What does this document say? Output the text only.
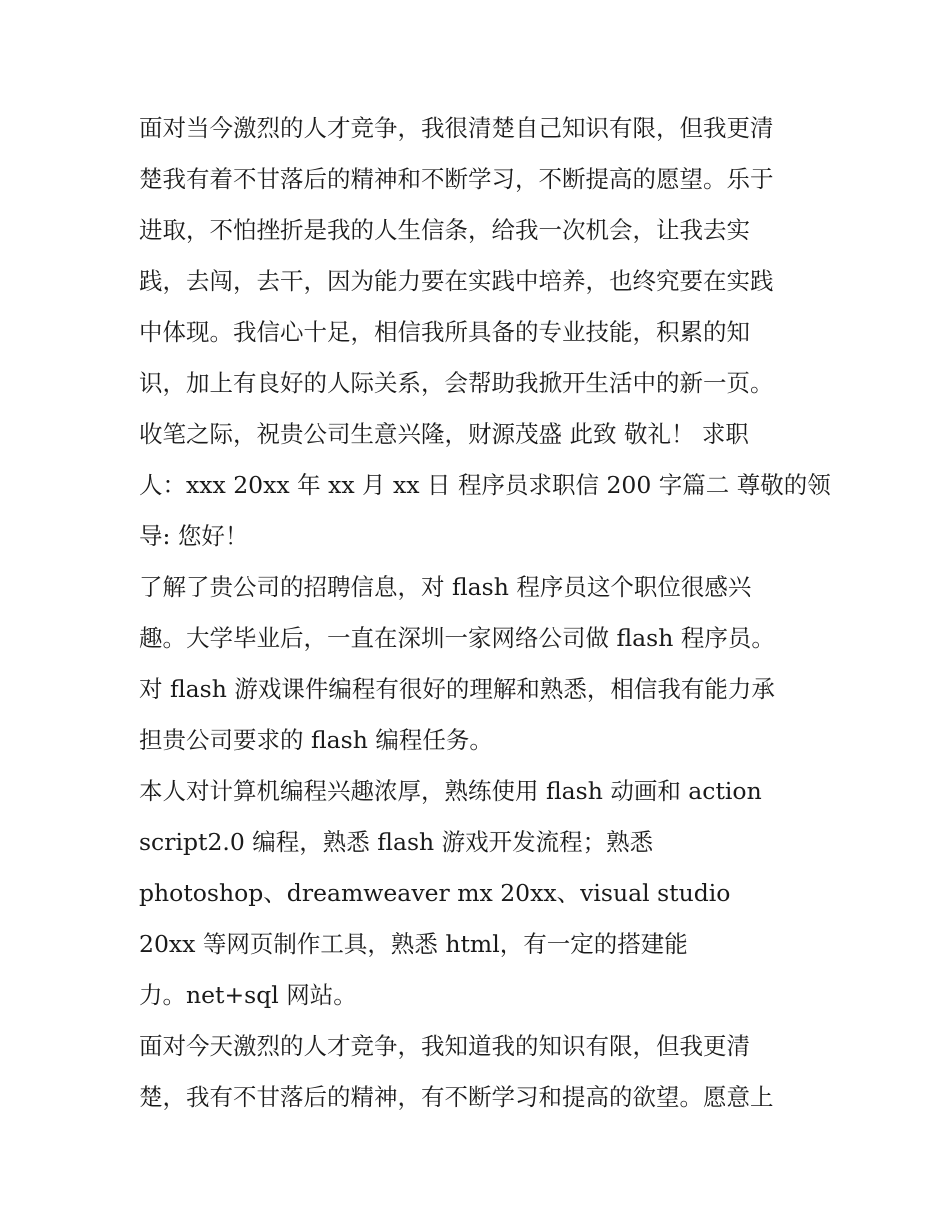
面对当今激烈的人才竞争，我很清楚自己知识有限，但我更清
楚我有着不甘落后的精神和不断学习，不断提高的愿望。乐于
进取，不怕挫折是我的人生信条，给我一次机会，让我去实
践，去闯，去干，因为能力要在实践中培养，也终究要在实践
中体现。我信心十足，相信我所具备的专业技能，积累的知
识，加上有良好的人际关系，会帮助我掀开生活中的新一页。
收笔之际，祝贵公司生意兴隆，财源茂盛 此致 敬礼！ 求职
人：xxx 20xx 年 xx 月 xx 日 程序员求职信 200 字篇二 尊敬的领
导: 您好！
了解了贵公司的招聘信息，对 flash 程序员这个职位很感兴
趣。大学毕业后，一直在深圳一家网络公司做 flash 程序员。
对 flash 游戏课件编程有很好的理解和熟悉，相信我有能力承
担贵公司要求的 flash 编程任务。
本人对计算机编程兴趣浓厚，熟练使用 flash 动画和 action
script2.0 编程，熟悉 flash 游戏开发流程；熟悉
photoshop、dreamweaver mx 20xx、visual studio
20xx 等网页制作工具，熟悉 html，有一定的搭建能
力。net+sql 网站。
面对今天激烈的人才竞争，我知道我的知识有限，但我更清
楚，我有不甘落后的精神，有不断学习和提高的欲望。愿意上
